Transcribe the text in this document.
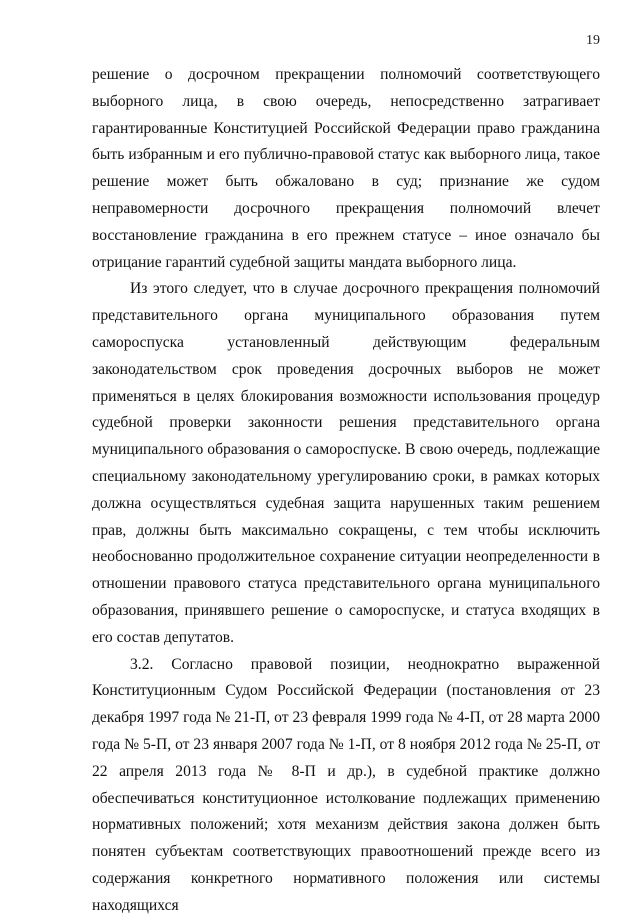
19

решение о досрочном прекращении полномочий соответствующего выборного лица, в свою очередь, непосредственно затрагивает гарантированные Конституцией Российской Федерации право гражданина быть избранным и его публично-правовой статус как выборного лица, такое решение может быть обжаловано в суд; признание же судом неправомерности досрочного прекращения полномочий влечет восстановление гражданина в его прежнем статусе – иное означало бы отрицание гарантий судебной защиты мандата выборного лица.

Из этого следует, что в случае досрочного прекращения полномочий представительного органа муниципального образования путем самороспуска установленный действующим федеральным законодательством срок проведения досрочных выборов не может применяться в целях блокирования возможности использования процедур судебной проверки законности решения представительного органа муниципального образования о самороспуске. В свою очередь, подлежащие специальному законодательному урегулированию сроки, в рамках которых должна осуществляться судебная защита нарушенных таким решением прав, должны быть максимально сокращены, с тем чтобы исключить необоснованно продолжительное сохранение ситуации неопределенности в отношении правового статуса представительного органа муниципального образования, принявшего решение о самороспуске, и статуса входящих в его состав депутатов.

3.2. Согласно правовой позиции, неоднократно выраженной Конституционным Судом Российской Федерации (постановления от 23 декабря 1997 года № 21-П, от 23 февраля 1999 года № 4-П, от 28 марта 2000 года № 5-П, от 23 января 2007 года № 1-П, от 8 ноября 2012 года № 25-П, от 22 апреля 2013 года № 8-П и др.), в судебной практике должно обеспечиваться конституционное истолкование подлежащих применению нормативных положений; хотя механизм действия закона должен быть понятен субъектам соответствующих правоотношений прежде всего из содержания конкретного нормативного положения или системы находящихся
